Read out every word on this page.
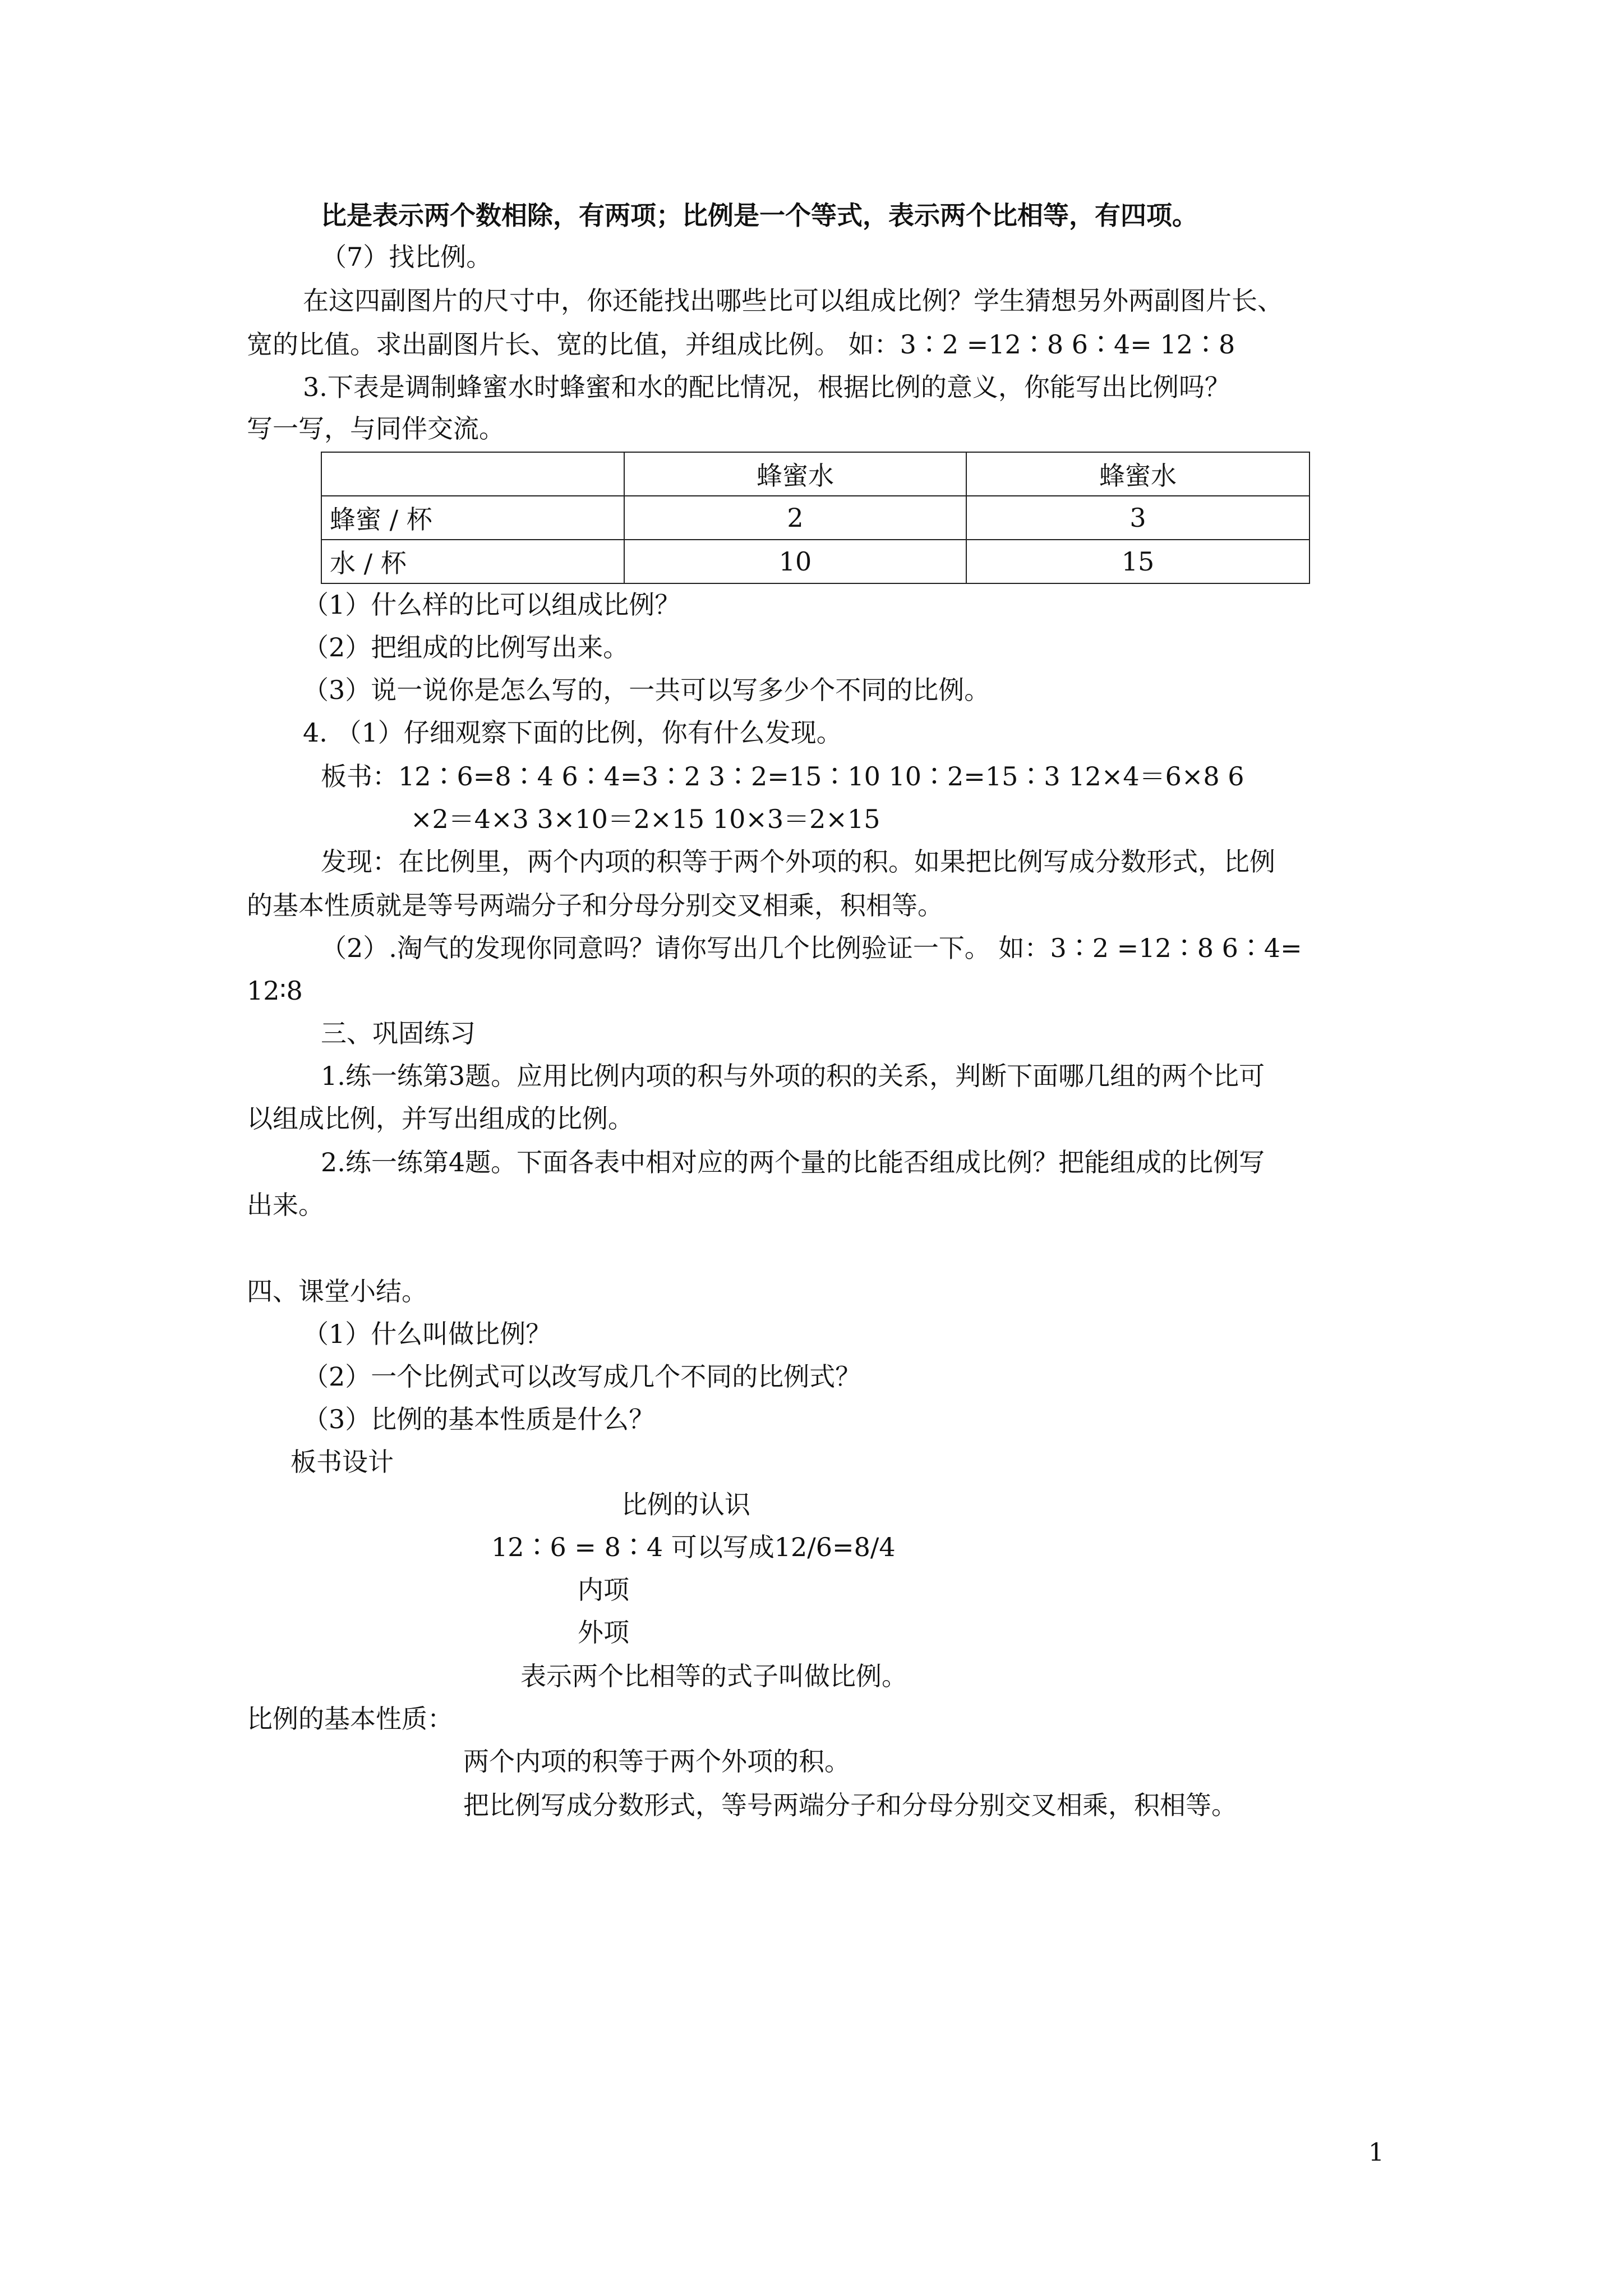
比是表示两个数相除，有两项；比例是一个等式，表示两个比相等，有四项。
（7）找比例。
在这四副图片的尺寸中，你还能找出哪些比可以组成比例？学生猜想另外两副图片长、
宽的比值。求出副图片长、宽的比值，并组成比例。 如：3∶2 =12∶8 6∶4= 12∶8
3.下表是调制蜂蜜水时蜂蜜和水的配比情况，根据比例的意义，你能写出比例吗？
写一写，与同伴交流。
	蜂蜜水	蜂蜜水
蜂蜜 / 杯	2	3
水 / 杯	10	15
（1）什么样的比可以组成比例？
（2）把组成的比例写出来。
（3）说一说你是怎么写的，一共可以写多少个不同的比例。
4. （1）仔细观察下面的比例，你有什么发现。
板书：12∶6=8∶4 6∶4=3∶2 3∶2=15∶10 10∶2=15∶3 12×4＝6×8 6
×2＝4×3 3×10＝2×15 10×3＝2×15
发现：在比例里，两个内项的积等于两个外项的积。如果把比例写成分数形式，比例
的基本性质就是等号两端分子和分母分别交叉相乘，积相等。
（2）.淘气的发现你同意吗？请你写出几个比例验证一下。 如：3∶2 =12∶8 6∶4=
12∶8
三、巩固练习
1.练一练第3题。应用比例内项的积与外项的积的关系，判断下面哪几组的两个比可
以组成比例，并写出组成的比例。
2.练一练第4题。下面各表中相对应的两个量的比能否组成比例？把能组成的比例写
出来。
四、课堂小结。
（1）什么叫做比例？
（2）一个比例式可以改写成几个不同的比例式？
（3）比例的基本性质是什么？
板书设计
比例的认识
12∶6 = 8∶4 可以写成12/6=8/4
内项
外项
表示两个比相等的式子叫做比例。
比例的基本性质：
两个内项的积等于两个外项的积。
把比例写成分数形式，等号两端分子和分母分别交叉相乘，积相等。
1
